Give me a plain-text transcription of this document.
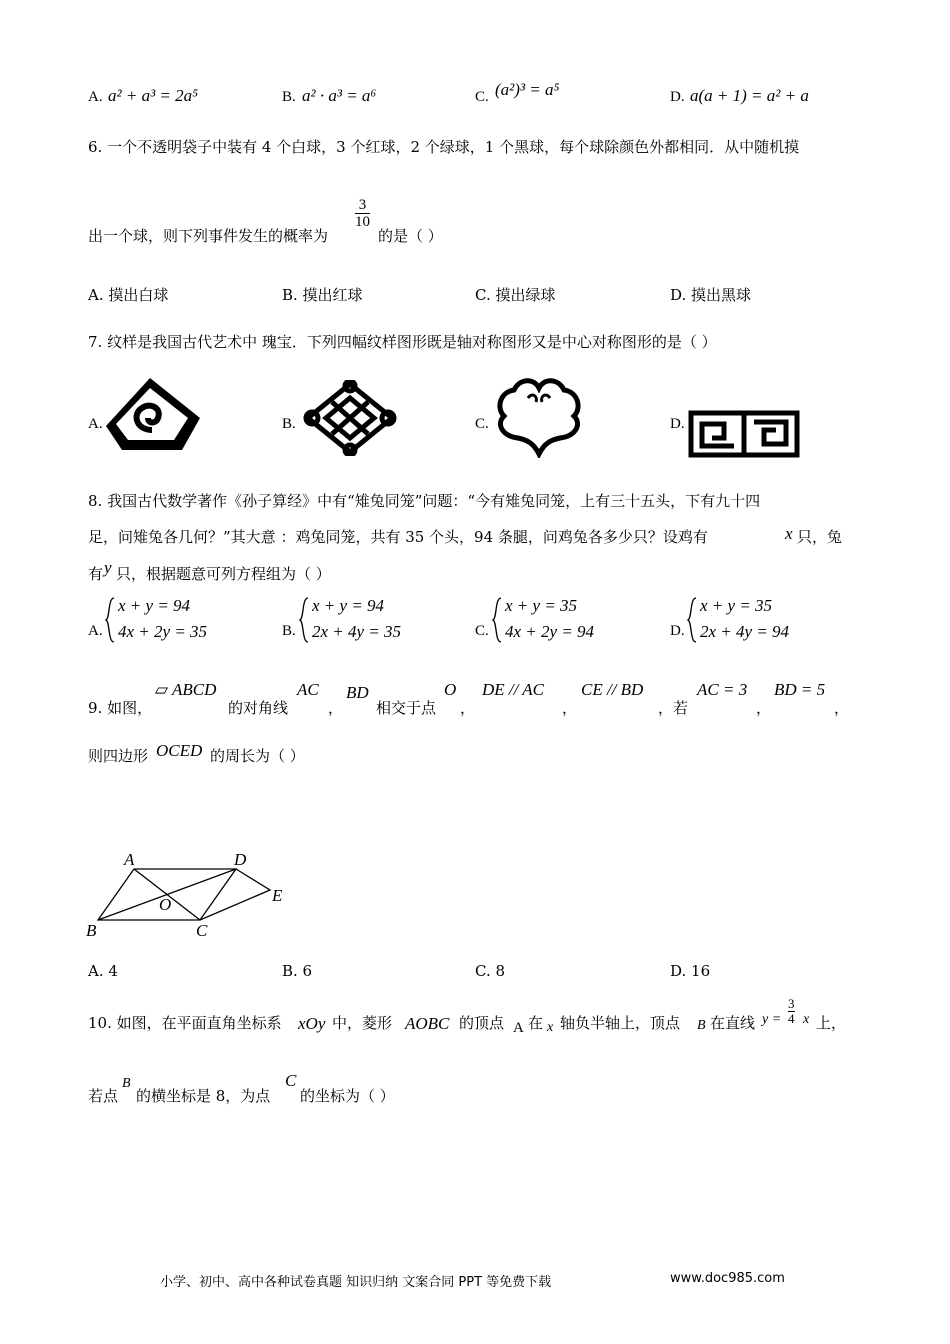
A. a² + a³ = 2a⁵	B. a² · a³ = a⁶	C. (a²)³ = a⁵	D. a(a + 1) = a² + a
6. 一个不透明袋子中装有 4 个白球，3 个红球，2 个绿球，1 个黑球，每个球除颜色外都相同．从中随机摸
出一个球，则下列事件发生的概率为
$\frac{3}{10}$
的是（ ）
A. 摸出白球	B. 摸出红球	C. 摸出绿球	D. 摸出黑球
7. 纹样是我国古代艺术中 瑰宝．下列四幅纹样图形既是轴对称图形又是中心对称图形的是（ ）
A.	B.	C.	D.
8. 我国古代数学著作《孙子算经》中有“雉兔同笼”问题：“今有雉兔同笼，上有三十五头，下有九十四
足，问雉兔各几何？”其大意 ：鸡兔同笼，共有 35 个头，94 条腿，问鸡兔各多少只？设鸡有	x 只，兔
有 y 只，根据题意可列方程组为（ ）
A.
x + y = 94
4x + 2y = 35	B.
x + y = 94
2x + 4y = 35	C.
x + y = 35
4x + 2y = 94	D.
x + y = 35
2x + 4y = 94
9. 如图，
▱ ABCD
的对角线
AC
，
BD
相交于点
O
，
DE // AC
，
CE // BD
，若
AC = 3
，
BD = 5
，
则四边形 OCED 的周长为（ ）
A	D
O	E
B	C
A. 4	B. 6	C. 8	D. 16
10. 如图，在平面直角坐标系 xOy 中，菱形 AOBC 的顶点 A 在 x 轴负半轴上，顶点 B 在直线 $y = \frac{3}{4}$ x 上，
若点
B
的横坐标是 8，为点
C
的坐标为（ ）
小学、初中、高中各种试卷真题 知识归纳 文案合同 PPT 等免费下载	www.doc985.com
